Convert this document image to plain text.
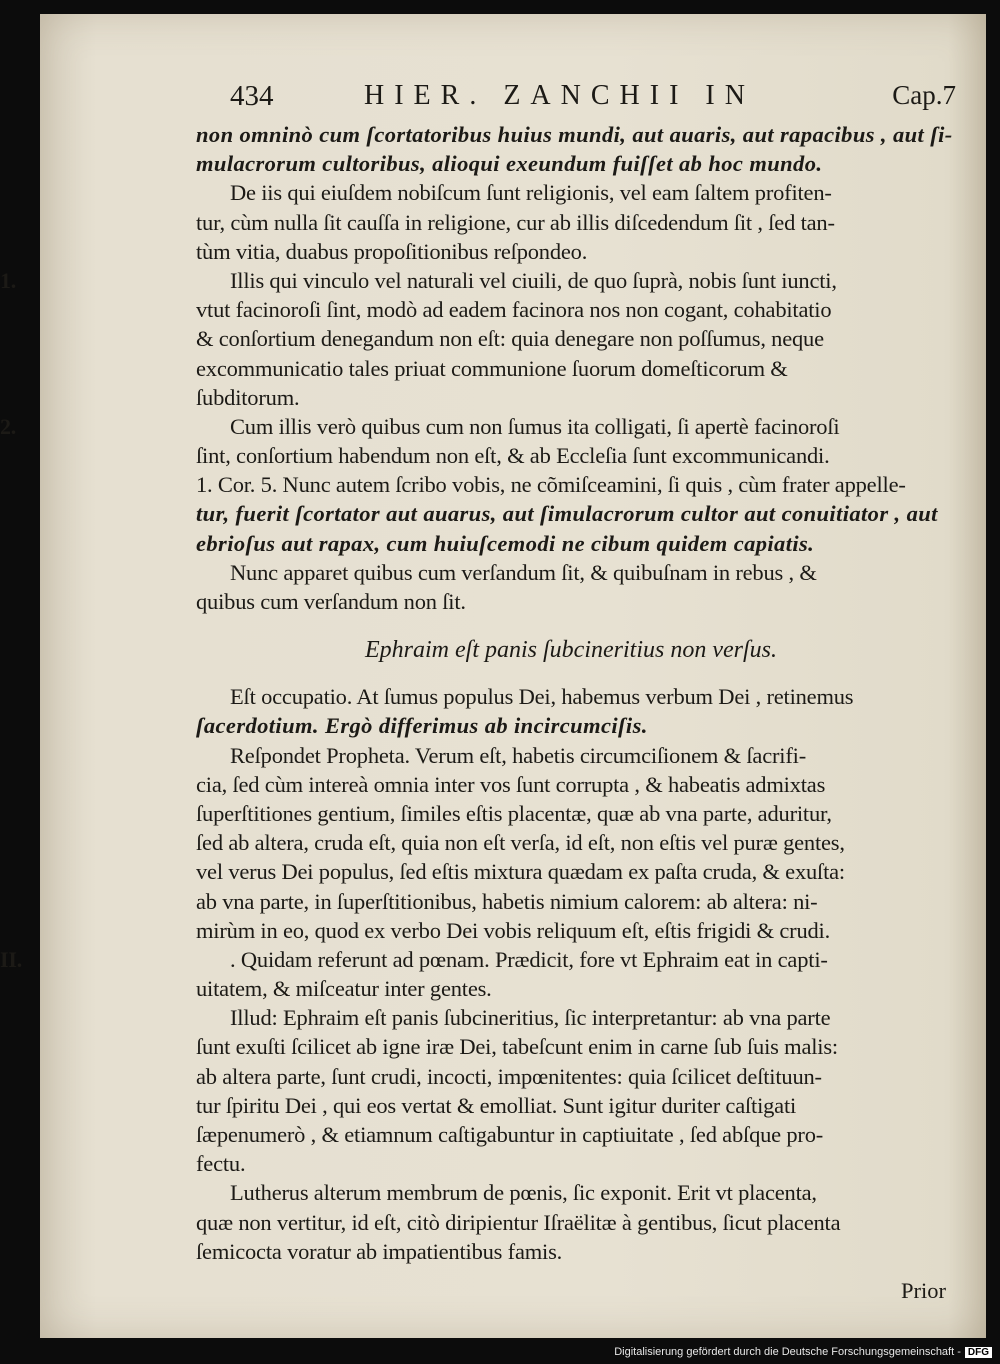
434	HIER. ZANCHII IN	Cap.7
non omninò cum ſcortatoribus huius mundi, aut auaris, aut rapacibus , aut ſi-
mulacrorum cultoribus, alioqui exeundum fuiſſet ab hoc mundo.
De iis qui eiuſdem nobiſcum ſunt religionis, vel eam ſaltem profiten-
tur, cùm nulla ſit cauſſa in religione, cur ab illis diſcedendum ſit , ſed tan-
tùm vitia, duabus propoſitionibus reſpondeo.
1.	Illis qui vinculo vel naturali vel ciuili, de quo ſuprà, nobis ſunt iuncti,
vtut facinoroſi ſint, modò ad eadem facinora nos non cogant, cohabitatio
& conſortium denegandum non eſt: quia denegare non poſſumus, neque
excommunicatio tales priuat communione ſuorum domeſticorum &
ſubditorum.
2.	Cum illis verò quibus cum non ſumus ita colligati, ſi apertè facinoroſi
ſint, conſortium habendum non eſt, & ab Eccleſia ſunt excommunicandi.
1. Cor. 5. Nunc autem ſcribo vobis, ne cõmiſceamini, ſi quis , cùm frater appelle-
tur, fuerit ſcortator aut auarus, aut ſimulacrorum cultor aut conuitiator , aut
ebrioſus aut rapax, cum huiuſcemodi ne cibum quidem capiatis.
Nunc apparet quibus cum verſandum ſit, & quibuſnam in rebus , &
quibus cum verſandum non ſit.
Ephraim eſt panis ſubcineritius non verſus.
Eſt occupatio. At ſumus populus Dei, habemus verbum Dei , retinemus
ſacerdotium. Ergò differimus ab incircumciſis.
Reſpondet Propheta. Verum eſt, habetis circumciſionem & ſacrifi-
cia, ſed cùm intereà omnia inter vos ſunt corrupta , & habeatis admixtas
ſuperſtitiones gentium, ſimiles eſtis placentæ, quæ ab vna parte, aduritur,
ſed ab altera, cruda eſt, quia non eſt verſa, id eſt, non eſtis vel puræ gentes,
vel verus Dei populus, ſed eſtis mixtura quædam ex paſta cruda, & exuſta:
ab vna parte, in ſuperſtitionibus, habetis nimium calorem: ab altera: ni-
mirùm in eo, quod ex verbo Dei vobis reliquum eſt, eſtis frigidi & crudi.
II.	. Quidam referunt ad pœnam. Prædicit, fore vt Ephraim eat in capti-
uitatem, & miſceatur inter gentes.
Illud: Ephraim eſt panis ſubcineritius, ſic interpretantur: ab vna parte
ſunt exuſti ſcilicet ab igne iræ Dei, tabeſcunt enim in carne ſub ſuis malis:
ab altera parte, ſunt crudi, incocti, impœnitentes: quia ſcilicet deſtituun-
tur ſpiritu Dei , qui eos vertat & emolliat. Sunt igitur duriter caſtigati
ſæpenumerò , & etiamnum caſtigabuntur in captiuitate , ſed abſque pro-
fectu.
Lutherus alterum membrum de pœnis, ſic exponit. Erit vt placenta,
quæ non vertitur, id eſt, citò diripientur Iſraëlitæ à gentibus, ſicut placenta
ſemicocta voratur ab impatientibus famis.
Prior
Digitalisierung gefördert durch die Deutsche Forschungsgemeinschaft - DFG
